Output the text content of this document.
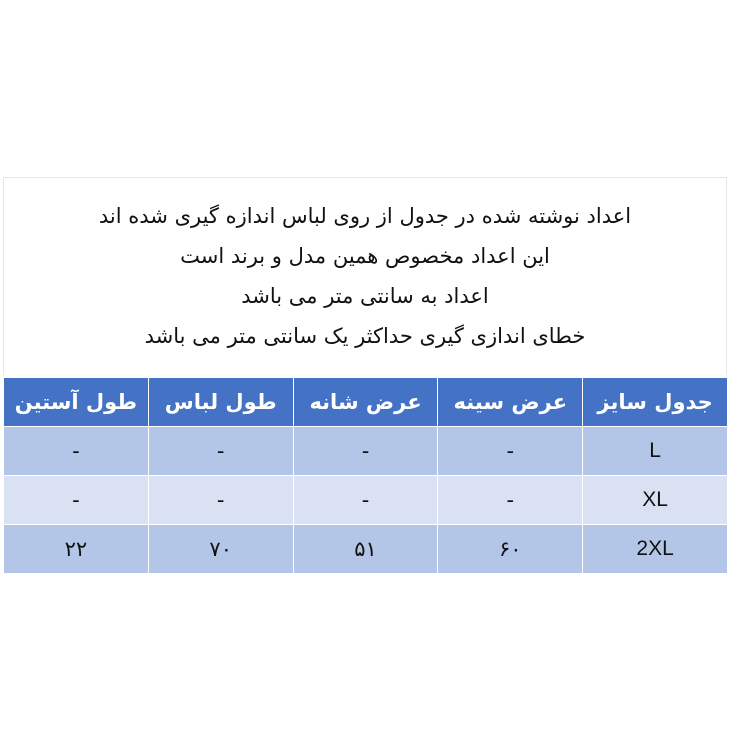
اعداد نوشته شده در جدول از روی لباس اندازه گیری شده اند
این اعداد مخصوص همین مدل و برند است
اعداد به سانتی متر می باشد
خطای اندازی گیری حداکثر یک سانتی متر می باشد
جدول سایز	عرض سینه	عرض شانه	طول لباس	طول آستین
L	-	-	-	-
XL	-	-	-	-
2XL	۶۰	۵۱	۷۰	۲۲
